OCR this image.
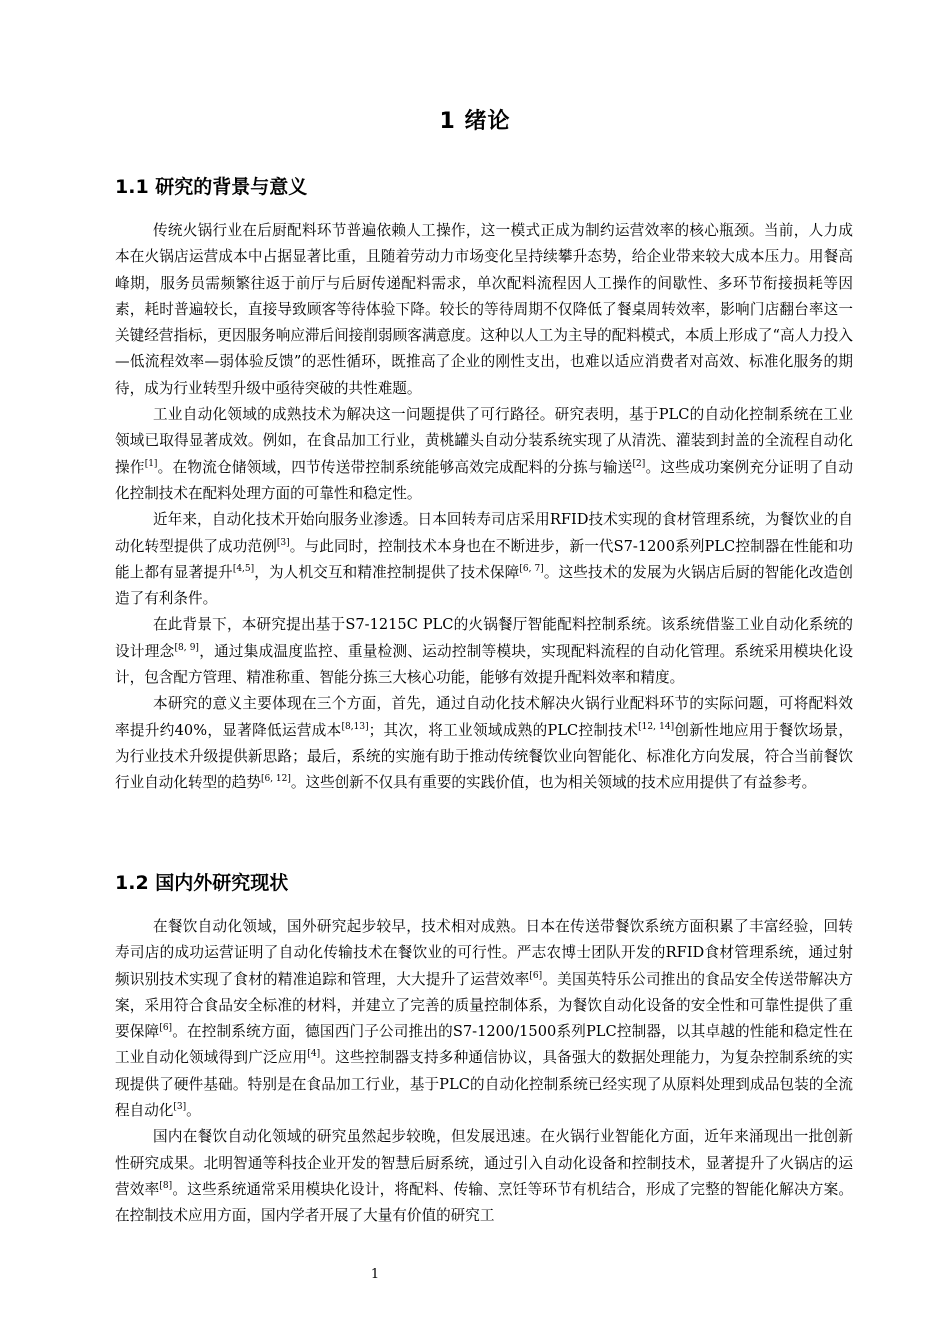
1 绪论
1.1 研究的背景与意义

传统火锅行业在后厨配料环节普遍依赖人工操作，这一模式正成为制约运营效率的核心瓶颈。当前，人力成本在火锅店运营成本中占据显著比重，且随着劳动力市场变化呈持续攀升态势，给企业带来较大成本压力。用餐高峰期，服务员需频繁往返于前厅与后厨传递配料需求，单次配料流程因人工操作的间歇性、多环节衔接损耗等因素，耗时普遍较长，直接导致顾客等待体验下降。较长的等待周期不仅降低了餐桌周转效率，影响门店翻台率这一关键经营指标，更因服务响应滞后间接削弱顾客满意度。这种以人工为主导的配料模式，本质上形成了“高人力投入—低流程效率—弱体验反馈”的恶性循环，既推高了企业的刚性支出，也难以适应消费者对高效、标准化服务的期待，成为行业转型升级中亟待突破的共性难题。

工业自动化领域的成熟技术为解决这一问题提供了可行路径。研究表明，基于PLC的自动化控制系统在工业领域已取得显著成效。例如，在食品加工行业，黄桃罐头自动分装系统实现了从清洗、灌装到封盖的全流程自动化操作[1]。在物流仓储领域，四节传送带控制系统能够高效完成配料的分拣与输送[2]。这些成功案例充分证明了自动化控制技术在配料处理方面的可靠性和稳定性。

近年来，自动化技术开始向服务业渗透。日本回转寿司店采用RFID技术实现的食材管理系统，为餐饮业的自动化转型提供了成功范例[3]。与此同时，控制技术本身也在不断进步，新一代S7-1200系列PLC控制器在性能和功能上都有显著提升[4,5]，为人机交互和精准控制提供了技术保障[6, 7]。这些技术的发展为火锅店后厨的智能化改造创造了有利条件。

在此背景下，本研究提出基于S7-1215C PLC的火锅餐厅智能配料控制系统。该系统借鉴工业自动化系统的设计理念[8, 9]，通过集成温度监控、重量检测、运动控制等模块，实现配料流程的自动化管理。系统采用模块化设计，包含配方管理、精准称重、智能分拣三大核心功能，能够有效提升配料效率和精度。

本研究的意义主要体现在三个方面，首先，通过自动化技术解决火锅行业配料环节的实际问题，可将配料效率提升约40%，显著降低运营成本[8,13]；其次，将工业领域成熟的PLC控制技术[12, 14]创新性地应用于餐饮场景，为行业技术升级提供新思路；最后，系统的实施有助于推动传统餐饮业向智能化、标准化方向发展，符合当前餐饮行业自动化转型的趋势[6, 12]。这些创新不仅具有重要的实践价值，也为相关领域的技术应用提供了有益参考。

1.2 国内外研究现状

在餐饮自动化领域，国外研究起步较早，技术相对成熟。日本在传送带餐饮系统方面积累了丰富经验，回转寿司店的成功运营证明了自动化传输技术在餐饮业的可行性。严志农博士团队开发的RFID食材管理系统，通过射频识别技术实现了食材的精准追踪和管理，大大提升了运营效率[6]。美国英特乐公司推出的食品安全传送带解决方案，采用符合食品安全标准的材料，并建立了完善的质量控制体系，为餐饮自动化设备的安全性和可靠性提供了重要保障[6]。在控制系统方面，德国西门子公司推出的S7-1200/1500系列PLC控制器，以其卓越的性能和稳定性在工业自动化领域得到广泛应用[4]。这些控制器支持多种通信协议，具备强大的数据处理能力，为复杂控制系统的实现提供了硬件基础。特别是在食品加工行业，基于PLC的自动化控制系统已经实现了从原料处理到成品包装的全流程自动化[3]。

国内在餐饮自动化领域的研究虽然起步较晚，但发展迅速。在火锅行业智能化方面，近年来涌现出一批创新性研究成果。北明智通等科技企业开发的智慧后厨系统，通过引入自动化设备和控制技术，显著提升了火锅店的运营效率[8]。这些系统通常采用模块化设计，将配料、传输、烹饪等环节有机结合，形成了完整的智能化解决方案。在控制技术应用方面，国内学者开展了大量有价值的研究工

1
